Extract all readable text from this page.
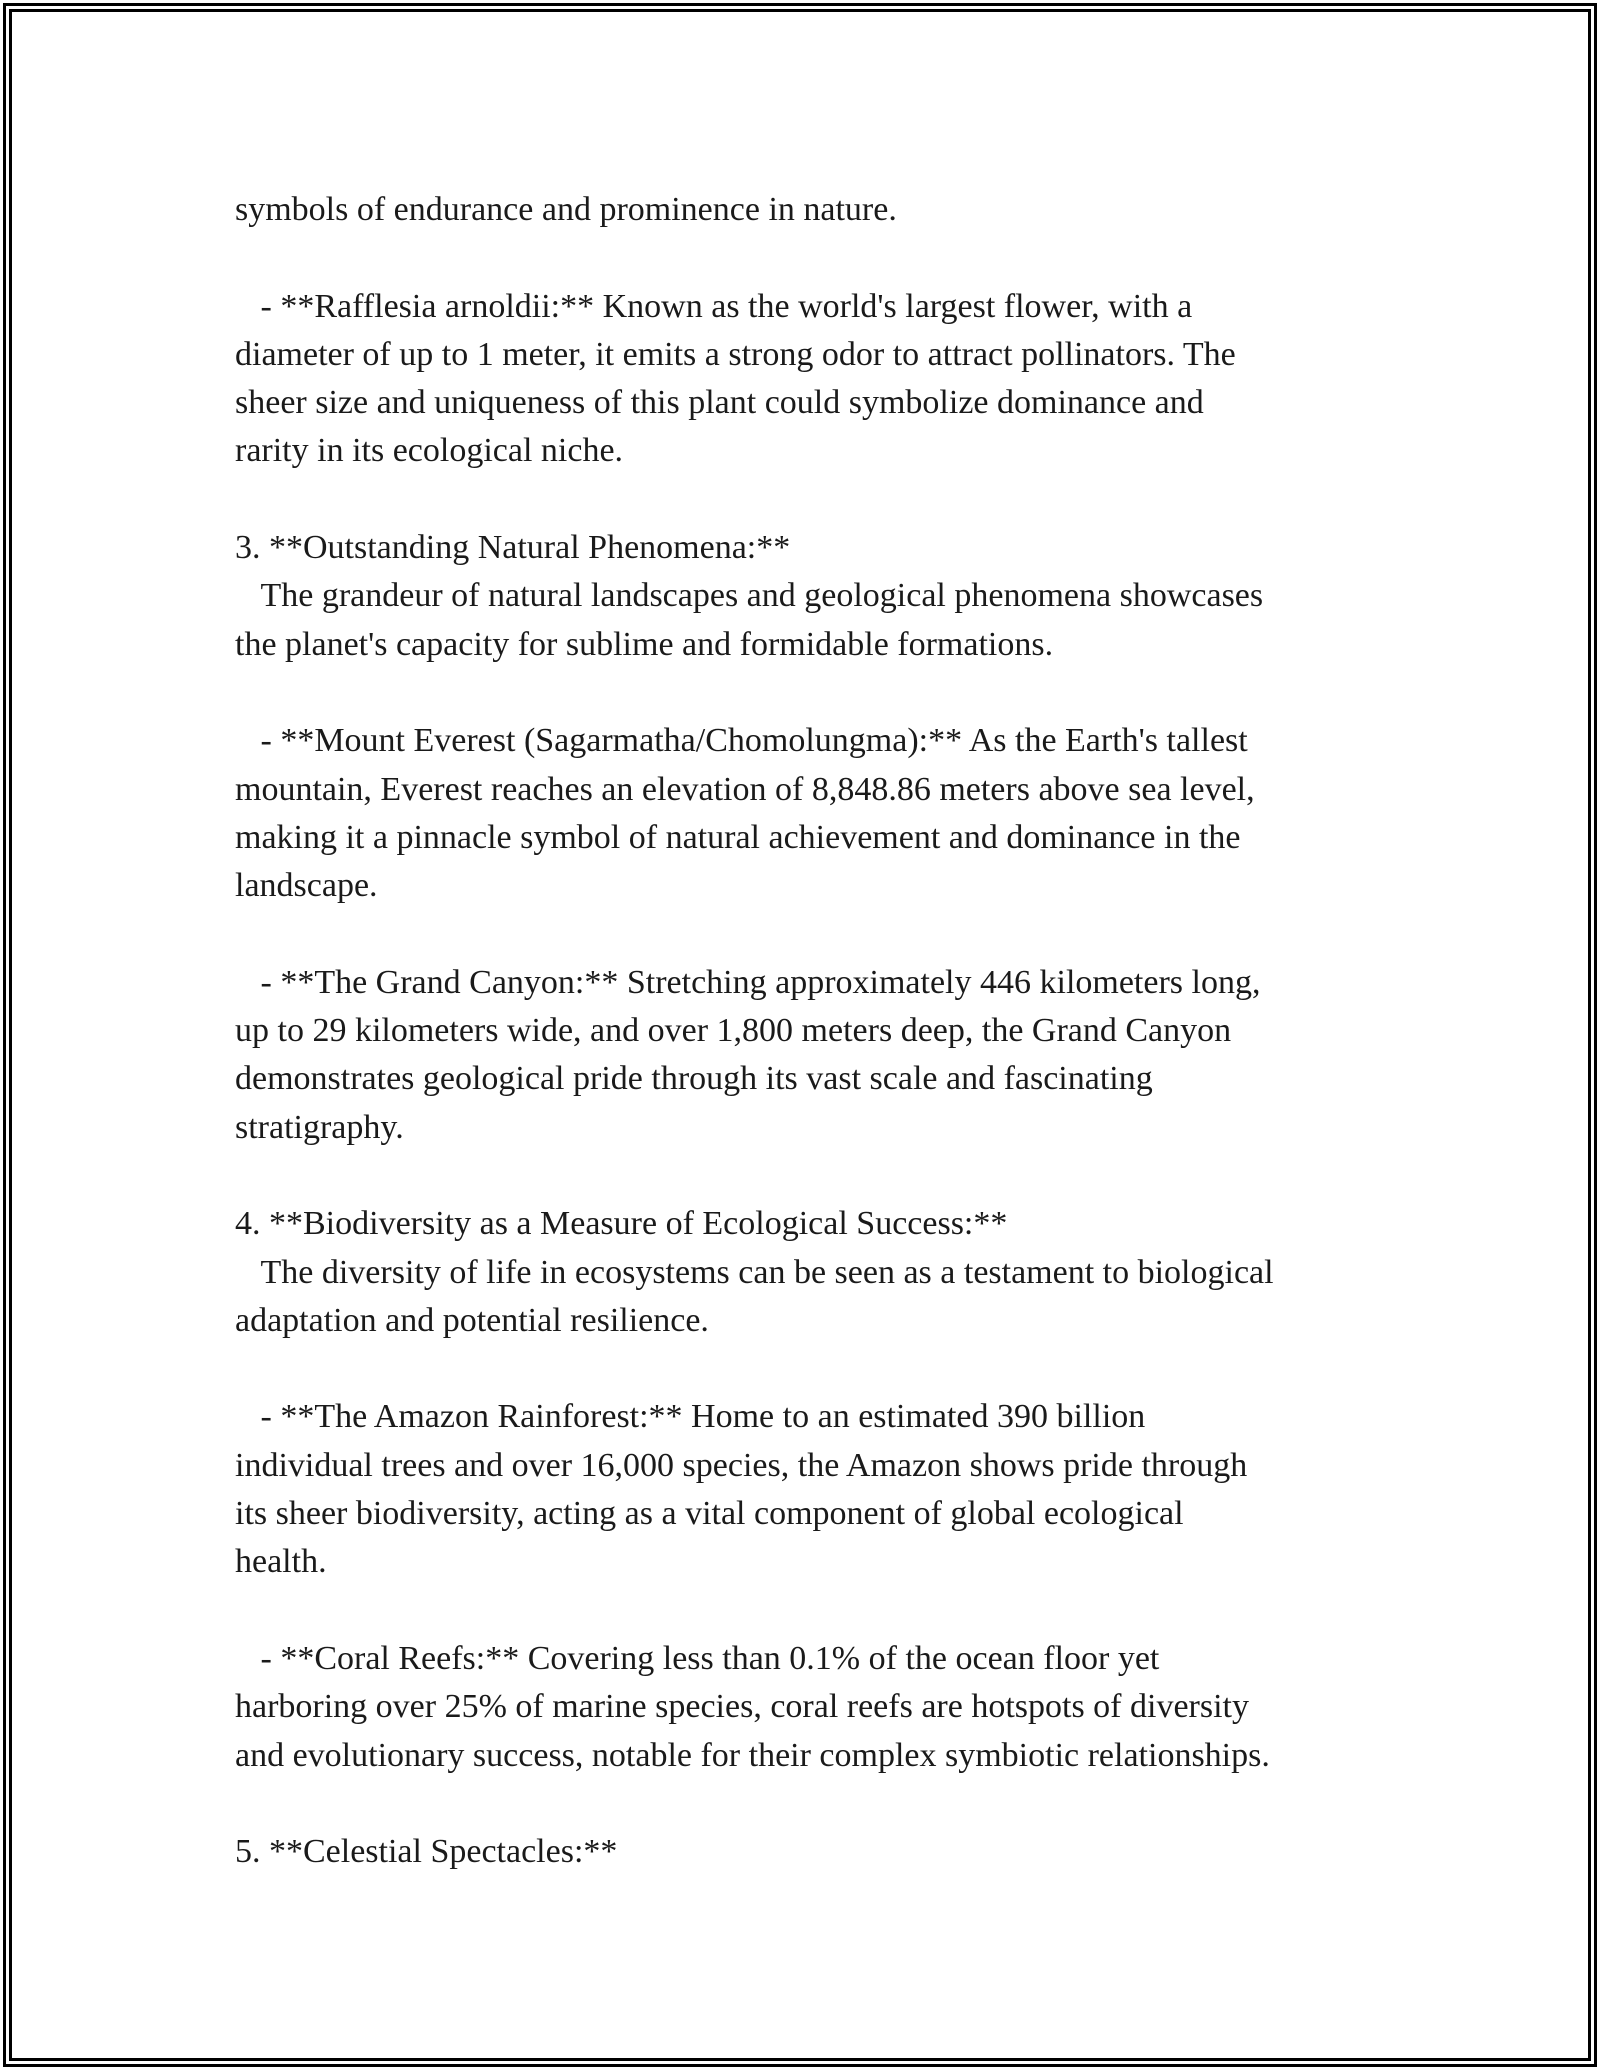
symbols of endurance and prominence in nature.

- **Rafflesia arnoldii:** Known as the world's largest flower, with a
diameter of up to 1 meter, it emits a strong odor to attract pollinators. The
sheer size and uniqueness of this plant could symbolize dominance and
rarity in its ecological niche.

3. **Outstanding Natural Phenomena:**
The grandeur of natural landscapes and geological phenomena showcases
the planet's capacity for sublime and formidable formations.

- **Mount Everest (Sagarmatha/Chomolungma):** As the Earth's tallest
mountain, Everest reaches an elevation of 8,848.86 meters above sea level,
making it a pinnacle symbol of natural achievement and dominance in the
landscape.

- **The Grand Canyon:** Stretching approximately 446 kilometers long,
up to 29 kilometers wide, and over 1,800 meters deep, the Grand Canyon
demonstrates geological pride through its vast scale and fascinating
stratigraphy.

4. **Biodiversity as a Measure of Ecological Success:**
The diversity of life in ecosystems can be seen as a testament to biological
adaptation and potential resilience.

- **The Amazon Rainforest:** Home to an estimated 390 billion
individual trees and over 16,000 species, the Amazon shows pride through
its sheer biodiversity, acting as a vital component of global ecological
health.

- **Coral Reefs:** Covering less than 0.1% of the ocean floor yet
harboring over 25% of marine species, coral reefs are hotspots of diversity
and evolutionary success, notable for their complex symbiotic relationships.

5. **Celestial Spectacles:**
